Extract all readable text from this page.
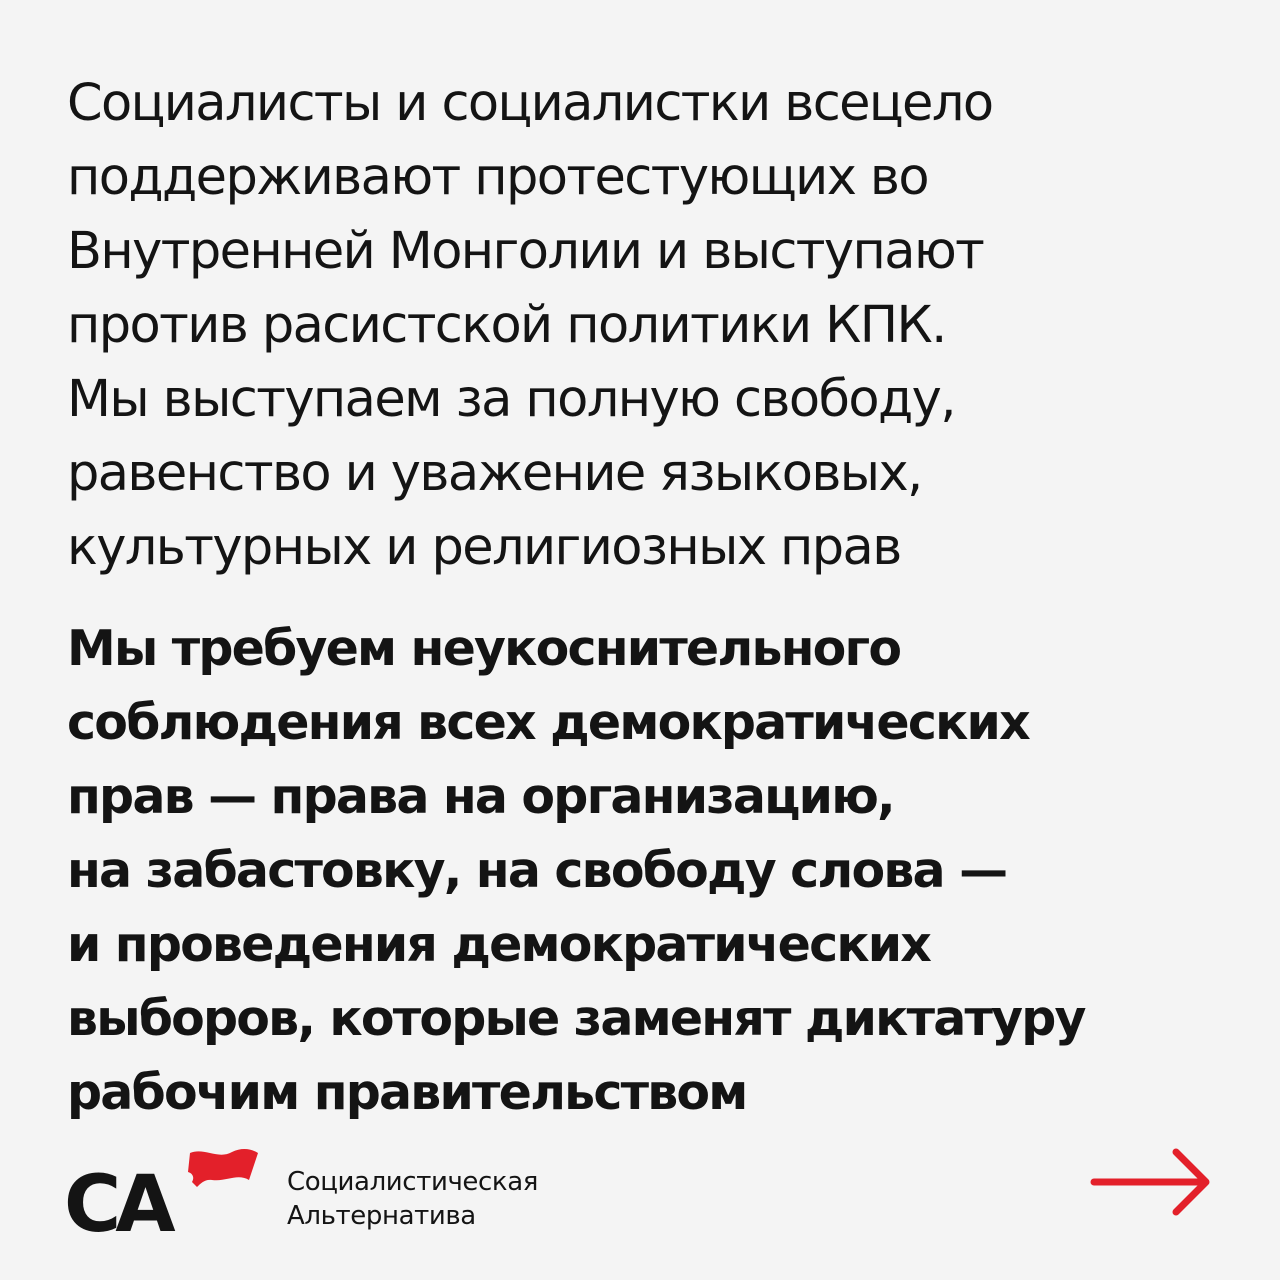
Социалисты и социалистки всецело
поддерживают протестующих во
Внутренней Монголии и выступают
против расистской политики КПК.
Мы выступаем за полную свободу,
равенство и уважение языковых,
культурных и религиозных прав
Мы требуем неукоснительного
соблюдения всех демократических
прав — права на организацию,
на забастовку, на свободу слова —
и проведения демократических
выборов, которые заменят диктатуру
рабочим правительством
СА	Социалистическая
Альтернатива
